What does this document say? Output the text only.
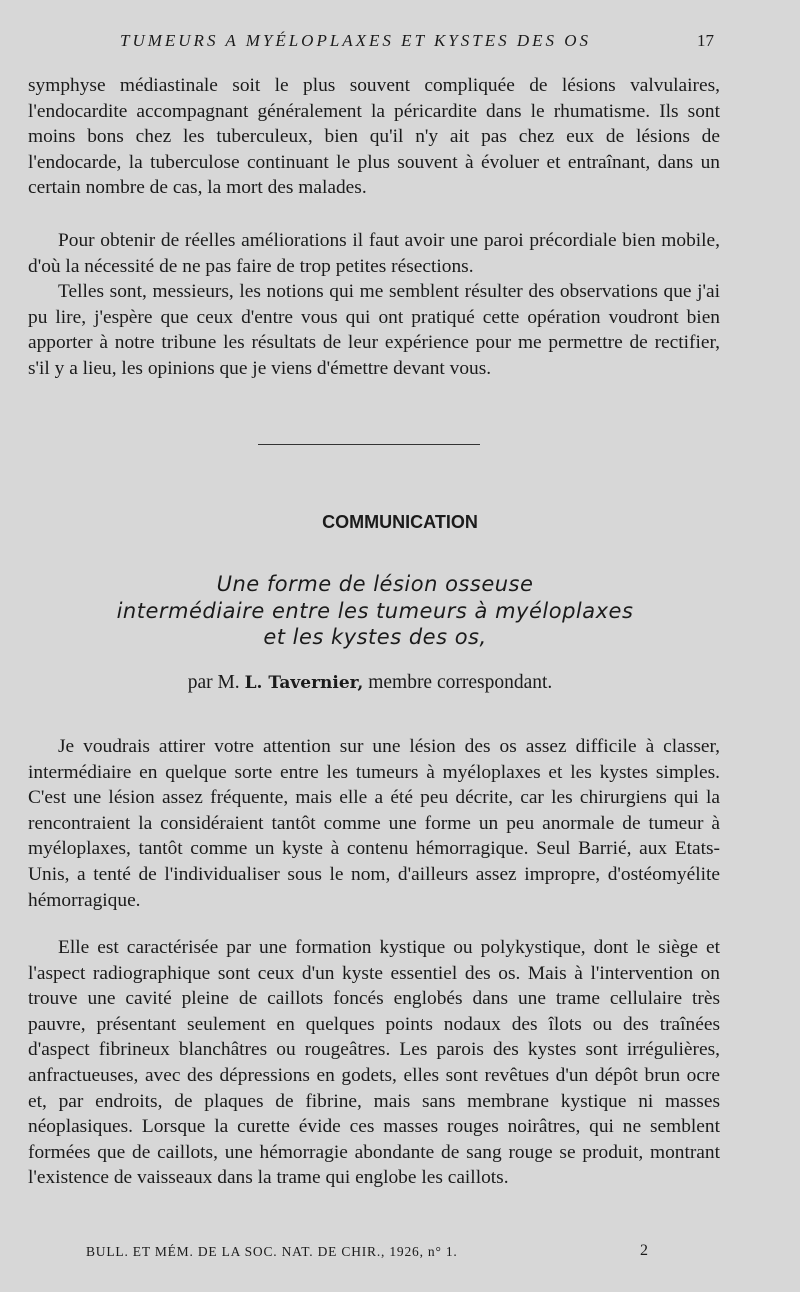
TUMEURS A MYÉLOPLAXES ET KYSTES DES OS	17

symphyse médiastinale soit le plus souvent compliquée de lésions valvulaires, l'endocardite accompagnant généralement la péricardite dans le rhumatisme. Ils sont moins bons chez les tuberculeux, bien qu'il n'y ait pas chez eux de lésions de l'endocarde, la tuberculose continuant le plus souvent à évoluer et entraînant, dans un certain nombre de cas, la mort des malades.

Pour obtenir de réelles améliorations il faut avoir une paroi précordiale bien mobile, d'où la nécessité de ne pas faire de trop petites résections.

Telles sont, messieurs, les notions qui me semblent résulter des observations que j'ai pu lire, j'espère que ceux d'entre vous qui ont pratiqué cette opération voudront bien apporter à notre tribune les résultats de leur expérience pour me permettre de rectifier, s'il y a lieu, les opinions que je viens d'émettre devant vous.

COMMUNICATION
Une forme de lésion osseuse
intermédiaire entre les tumeurs à myéloplaxes
et les kystes des os,
par M. L. Tavernier, membre correspondant.

Je voudrais attirer votre attention sur une lésion des os assez difficile à classer, intermédiaire en quelque sorte entre les tumeurs à myéloplaxes et les kystes simples. C'est une lésion assez fréquente, mais elle a été peu décrite, car les chirurgiens qui la rencontraient la considéraient tantôt comme une forme un peu anormale de tumeur à myéloplaxes, tantôt comme un kyste à contenu hémorragique. Seul Barrié, aux Etats-Unis, a tenté de l'individualiser sous le nom, d'ailleurs assez impropre, d'ostéomyélite hémorragique.

Elle est caractérisée par une formation kystique ou polykystique, dont le siège et l'aspect radiographique sont ceux d'un kyste essentiel des os. Mais à l'intervention on trouve une cavité pleine de caillots foncés englobés dans une trame cellulaire très pauvre, présentant seulement en quelques points nodaux des îlots ou des traînées d'aspect fibrineux blanchâtres ou rougeâtres. Les parois des kystes sont irrégulières, anfractueuses, avec des dépressions en godets, elles sont revêtues d'un dépôt brun ocre et, par endroits, de plaques de fibrine, mais sans membrane kystique ni masses néoplasiques. Lorsque la curette évide ces masses rouges noirâtres, qui ne semblent formées que de caillots, une hémorragie abondante de sang rouge se produit, montrant l'existence de vaisseaux dans la trame qui englobe les caillots.

BULL. ET MÉM. DE LA SOC. NAT. DE CHIR., 1926, n° 1.	2
